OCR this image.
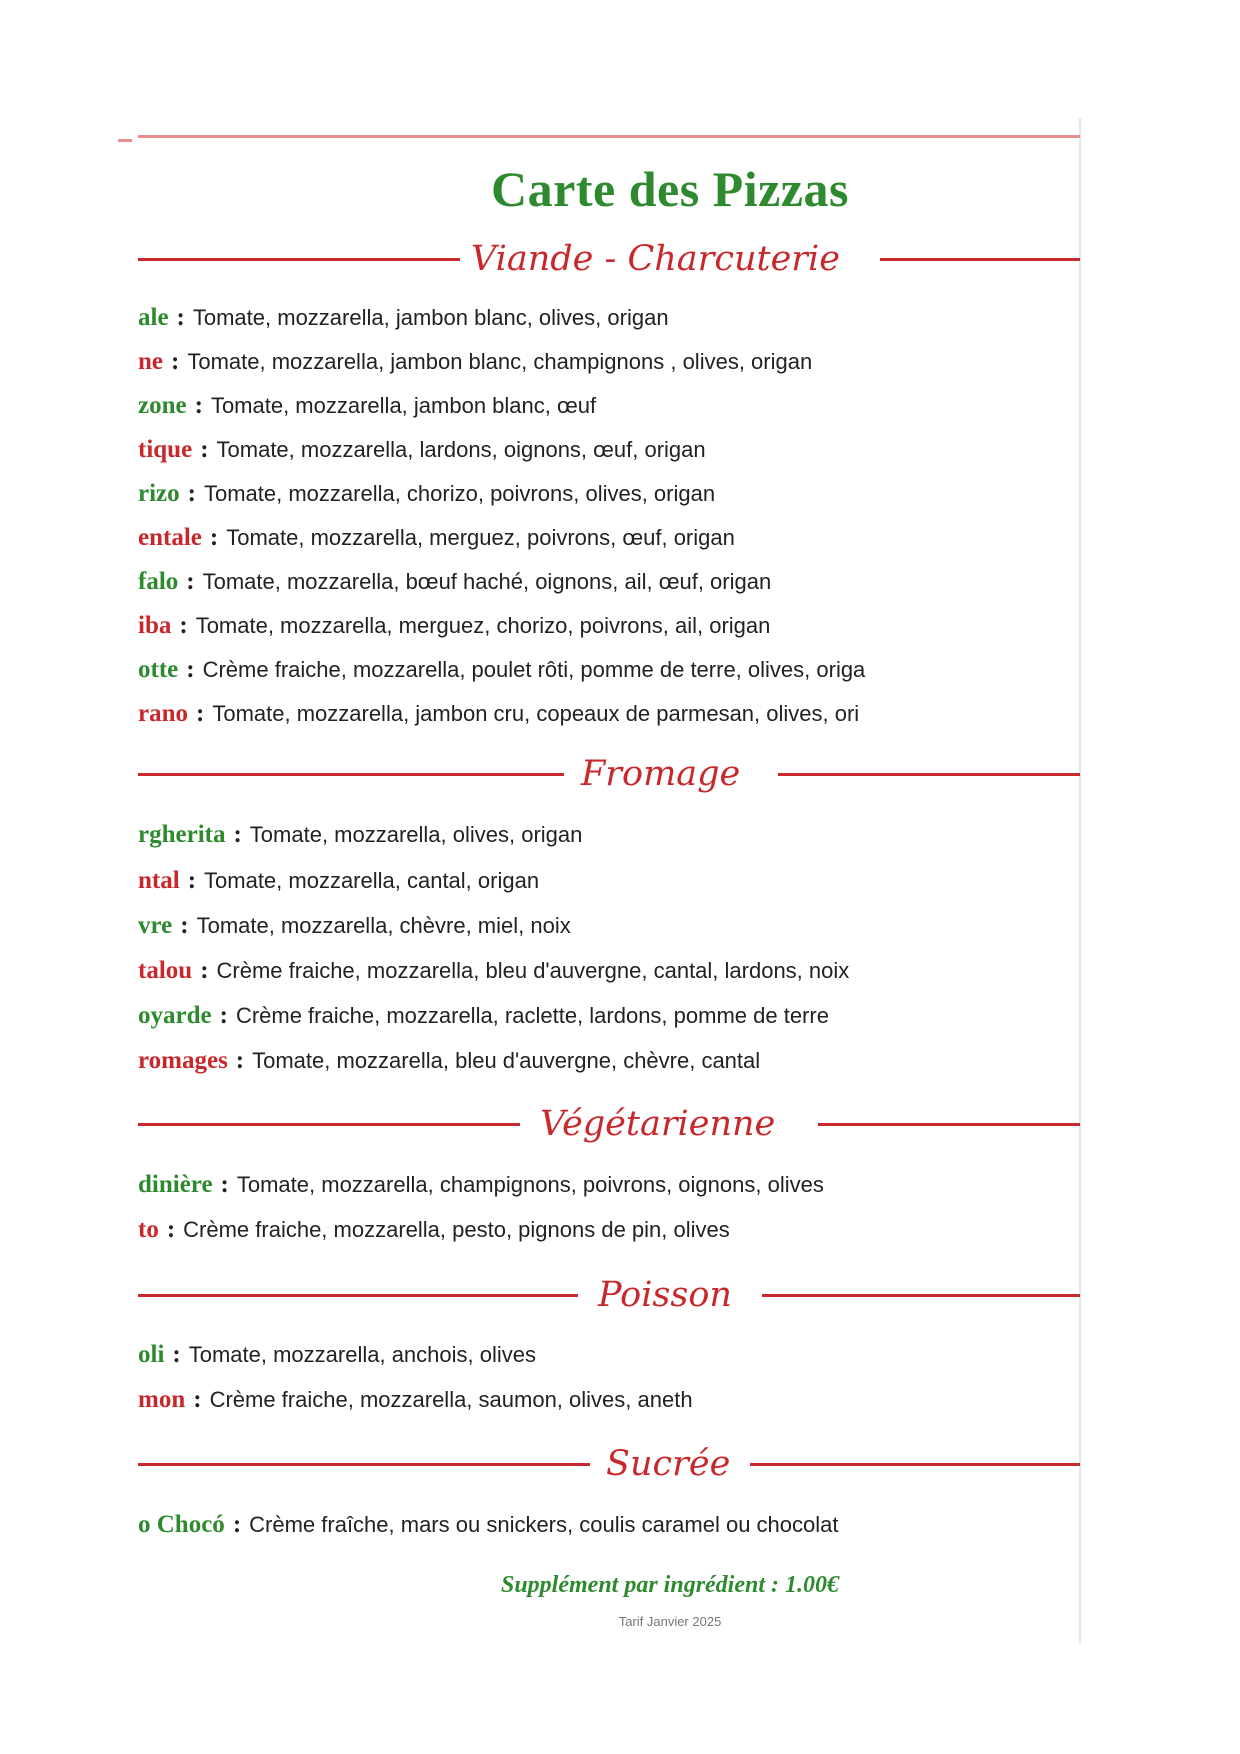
Carte des Pizzas
Viande - Charcuterie
ale : Tomate, mozzarella, jambon blanc, olives, origan
ne : Tomate, mozzarella, jambon blanc, champignons , olives, origan
zone : Tomate, mozzarella, jambon blanc, œuf
tique : Tomate, mozzarella, lardons, oignons, œuf, origan
rizo : Tomate, mozzarella, chorizo, poivrons, olives, origan
entale : Tomate, mozzarella, merguez, poivrons, œuf, origan
falo : Tomate, mozzarella, bœuf haché, oignons, ail, œuf, origan
iba : Tomate, mozzarella, merguez, chorizo, poivrons, ail, origan
otte : Crème fraiche, mozzarella, poulet rôti, pomme de terre, olives, origa
rano : Tomate, mozzarella, jambon cru, copeaux de parmesan, olives, ori
Fromage
rgherita : Tomate, mozzarella, olives, origan
ntal : Tomate, mozzarella, cantal, origan
vre : Tomate, mozzarella, chèvre, miel, noix
talou : Crème fraiche, mozzarella, bleu d'auvergne, cantal, lardons, noix
oyarde : Crème fraiche, mozzarella, raclette, lardons, pomme de terre
romages : Tomate, mozzarella, bleu d'auvergne, chèvre, cantal
Végétarienne
dinière : Tomate, mozzarella, champignons, poivrons, oignons, olives
to : Crème fraiche, mozzarella, pesto, pignons de pin, olives
Poisson
oli : Tomate, mozzarella, anchois, olives
mon : Crème fraiche, mozzarella, saumon, olives, aneth
Sucrée
o Chocó : Crème fraîche, mars ou snickers, coulis caramel ou chocolat
Supplément par ingrédient : 1.00€
Tarif Janvier 2025
